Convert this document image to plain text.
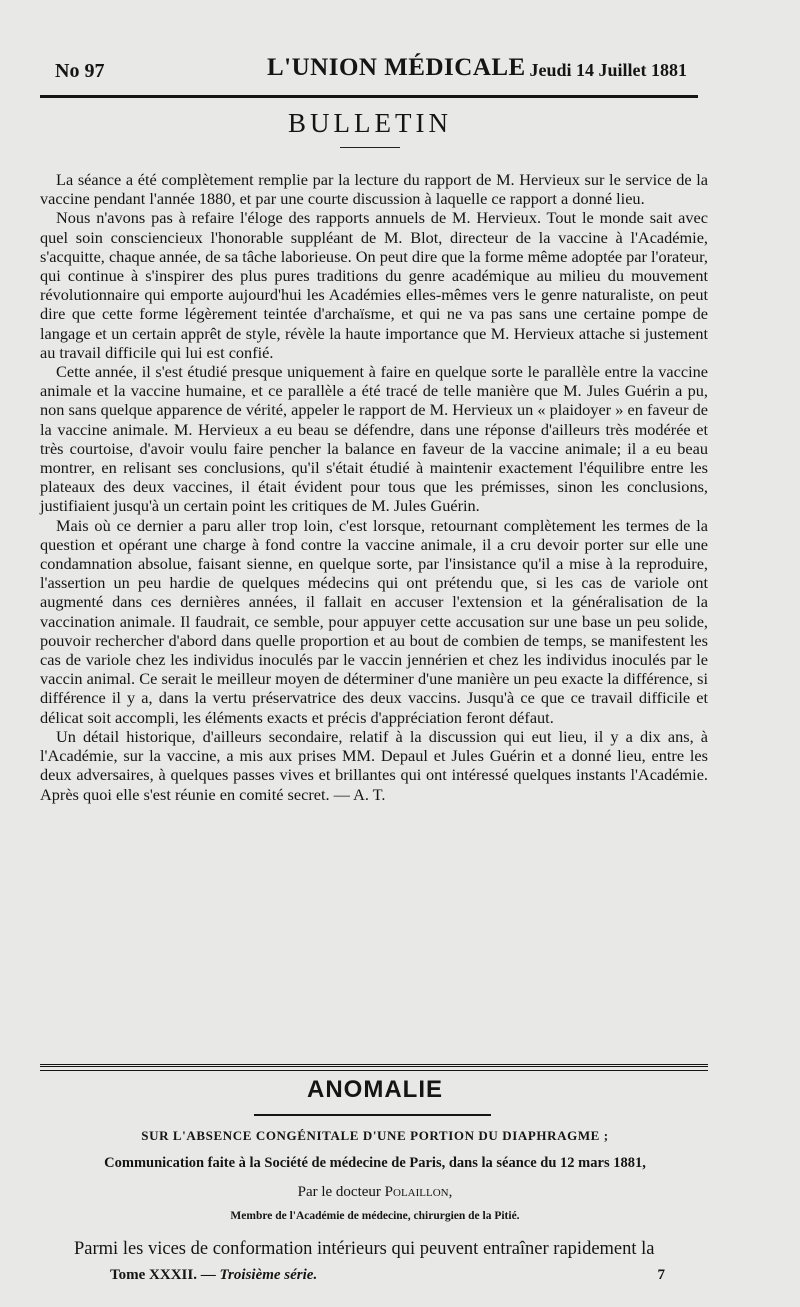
No 97	L'UNION MÉDICALE Jeudi 14 Juillet 1881
BULLETIN

La séance a été complètement remplie par la lecture du rapport de M. Hervieux sur le service de la vaccine pendant l'année 1880, et par une courte discussion à laquelle ce rapport a donné lieu.

Nous n'avons pas à refaire l'éloge des rapports annuels de M. Hervieux. Tout le monde sait avec quel soin consciencieux l'honorable suppléant de M. Blot, directeur de la vaccine à l'Académie, s'acquitte, chaque année, de sa tâche laborieuse. On peut dire que la forme même adoptée par l'orateur, qui continue à s'inspirer des plus pures traditions du genre académique au milieu du mouvement révolutionnaire qui emporte aujourd'hui les Académies elles-mêmes vers le genre naturaliste, on peut dire que cette forme légèrement teintée d'archaïsme, et qui ne va pas sans une certaine pompe de langage et un certain apprêt de style, révèle la haute importance que M. Hervieux attache si justement au travail difficile qui lui est confié.

Cette année, il s'est étudié presque uniquement à faire en quelque sorte le parallèle entre la vaccine animale et la vaccine humaine, et ce parallèle a été tracé de telle manière que M. Jules Guérin a pu, non sans quelque apparence de vérité, appeler le rapport de M. Hervieux un « plaidoyer » en faveur de la vaccine animale. M. Hervieux a eu beau se défendre, dans une réponse d'ailleurs très modérée et très courtoise, d'avoir voulu faire pencher la balance en faveur de la vaccine animale; il a eu beau montrer, en relisant ses conclusions, qu'il s'était étudié à maintenir exactement l'équilibre entre les plateaux des deux vaccines, il était évident pour tous que les prémisses, sinon les conclusions, justifiaient jusqu'à un certain point les critiques de M. Jules Guérin.

Mais où ce dernier a paru aller trop loin, c'est lorsque, retournant complètement les termes de la question et opérant une charge à fond contre la vaccine animale, il a cru devoir porter sur elle une condamnation absolue, faisant sienne, en quelque sorte, par l'insistance qu'il a mise à la reproduire, l'assertion un peu hardie de quelques médecins qui ont prétendu que, si les cas de variole ont augmenté dans ces dernières années, il fallait en accuser l'extension et la généralisation de la vaccination animale. Il faudrait, ce semble, pour appuyer cette accusation sur une base un peu solide, pouvoir rechercher d'abord dans quelle proportion et au bout de combien de temps, se manifestent les cas de variole chez les individus inoculés par le vaccin jennérien et chez les individus inoculés par le vaccin animal. Ce serait le meilleur moyen de déterminer d'une manière un peu exacte la différence, si différence il y a, dans la vertu préservatrice des deux vaccins. Jusqu'à ce que ce travail difficile et délicat soit accompli, les éléments exacts et précis d'appréciation feront défaut.

Un détail historique, d'ailleurs secondaire, relatif à la discussion qui eut lieu, il y a dix ans, à l'Académie, sur la vaccine, a mis aux prises MM. Depaul et Jules Guérin et a donné lieu, entre les deux adversaires, à quelques passes vives et brillantes qui ont intéressé quelques instants l'Académie. Après quoi elle s'est réunie en comité secret. — A. T.

ANOMALIE
SUR L'ABSENCE CONGÉNITALE D'UNE PORTION DU DIAPHRAGME ;
Communication faite à la Société de médecine de Paris, dans la séance du 12 mars 1881,
Par le docteur Polaillon,
Membre de l'Académie de médecine, chirurgien de la Pitié.
Parmi les vices de conformation intérieurs qui peuvent entraîner rapidement la
Tome XXXII. — Troisième série.	7
